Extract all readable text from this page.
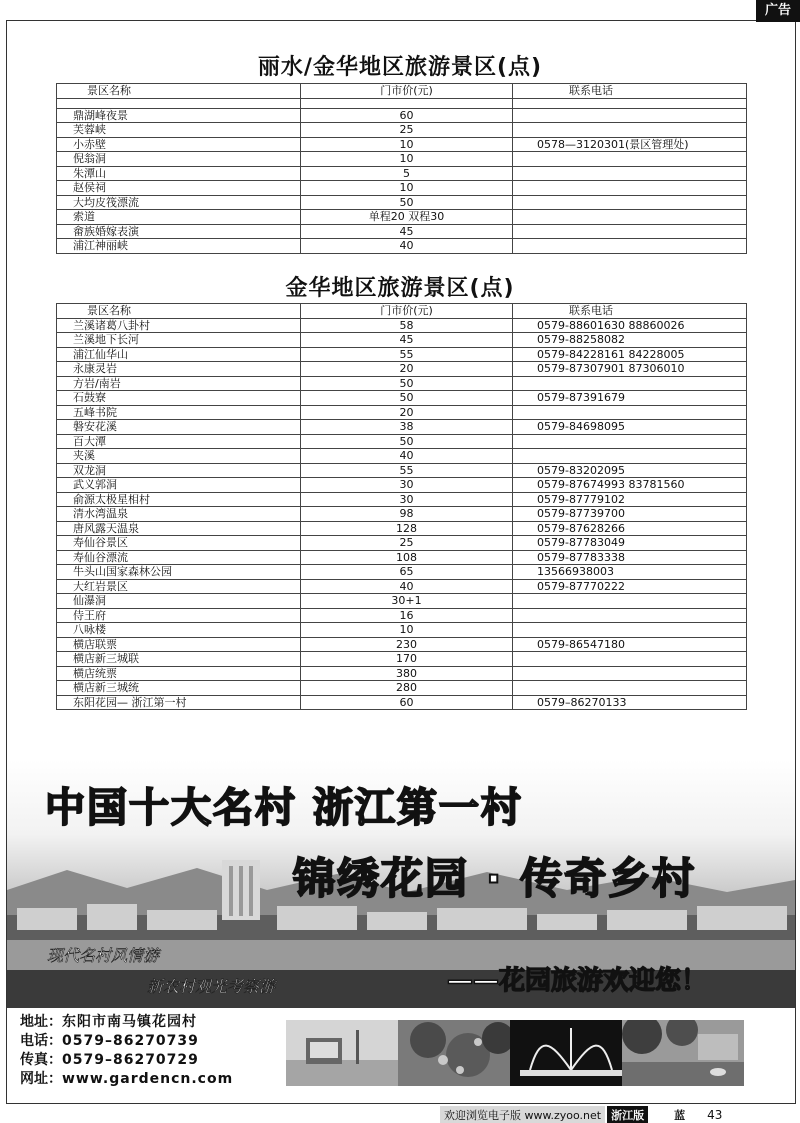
广告
丽水/金华地区旅游景区(点)
景区名称	门市价(元)	联系电话

鼎湖峰夜景	60	
芙蓉峡	25	
小赤壁	10	0578—3120301(景区管理处)
倪翁洞	10	
朱潭山	5	
赵侯祠	10	
大均皮筏漂流	50	
索道	单程20 双程30	
畲族婚嫁表演	45	
浦江神丽峡	40	
金华地区旅游景区(点)
景区名称	门市价(元)	联系电话
兰溪诸葛八卦村	58	0579-88601630 88860026
兰溪地下长河	45	0579-88258082
浦江仙华山	55	0579-84228161 84228005
永康灵岩	20	0579-87307901 87306010
方岩/南岩	50	
石鼓寮	50	0579-87391679
五峰书院	20	
磐安花溪	38	0579-84698095
百大潭	50	
夹溪	40	
双龙洞	55	0579-83202095
武义郭洞	30	0579-87674993 83781560
俞源太极星相村	30	0579-87779102
清水湾温泉	98	0579-87739700
唐风露天温泉	128	0579-87628266
寿仙谷景区	25	0579-87783049
寿仙谷漂流	108	0579-87783338
牛头山国家森林公园	65	13566938003
大红岩景区	40	0579-87770222
仙瀑洞	30+1	
侍王府	16	
八咏楼	10	
横店联票	230	0579-86547180
横店新三城联	170	
横店统票	380	
横店新三城统	280	
东阳花园— 浙江第一村	60	0579–86270133
中国十大名村 浙江第一村
锦绣花园 · 传奇乡村
现代名村风情游
新农村观光考察游	——花园旅游欢迎您！
地址：东阳市南马镇花园村
电话：0579–86270739
传真：0579–86270729
网址：www.gardencn.com
欢迎浏览电子版 www.zyoo.net 浙江版	蓝 43
